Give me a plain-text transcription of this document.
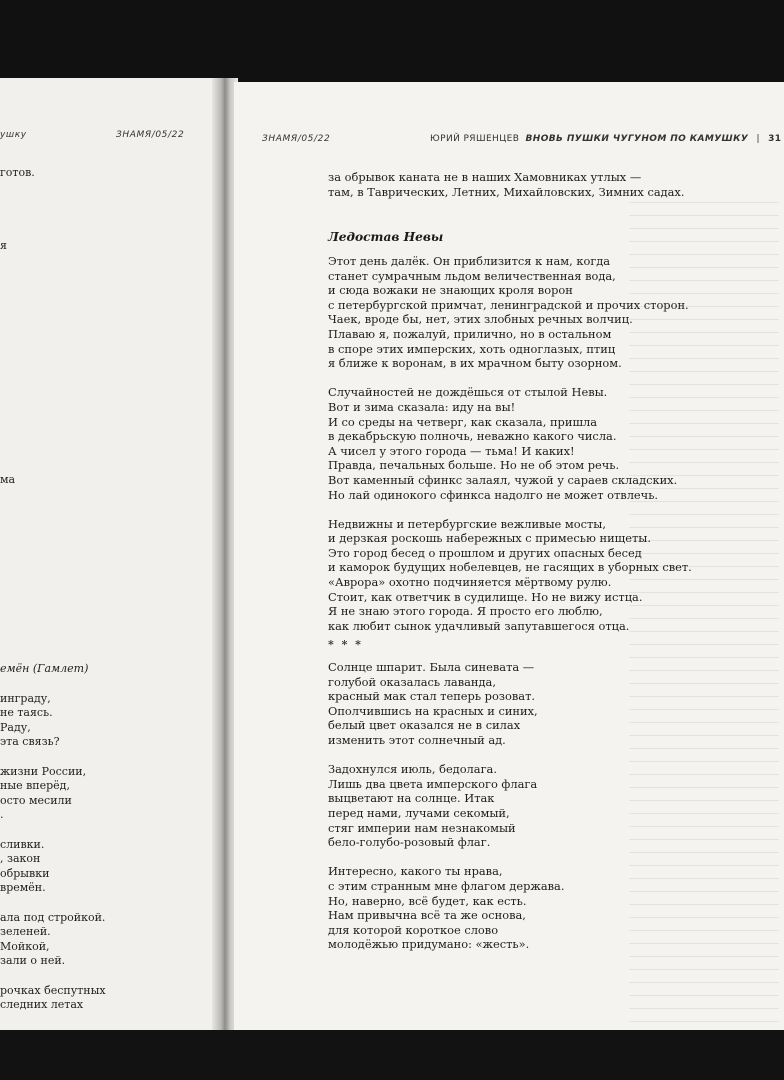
ушку	ЗНАМЯ/05/22
готов.
я
ма
емён (Гамлет)
инграду,
не таясь.
Раду,
эта связь?
жизни России,
ные вперёд,
осто месили
.
сливки.
, закон
обрывки
времён.
ала под стройкой.
зеленей.
Мойкой,
зали о ней.
рочках беспутных
следних летах
ЗНАМЯ/05/22	ЮРИЙ РЯШЕНЦЕВ ВНОВЬ ПУШКИ ЧУГУНОМ ПО КАМУШКУ | 31
за обрывок каната не в наших Хамовниках утлых —
там, в Таврических, Летних, Михайловских, Зимних садах.
Ледостав Невы
Этот день далёк. Он приблизится к нам, когда
станет сумрачным льдом величественная вода,
и сюда вожаки не знающих кроля ворон
с петербургской примчат, ленинградской и прочих сторон.
Чаек, вроде бы, нет, этих злобных речных волчиц.
Плаваю я, пожалуй, прилично, но в остальном
в споре этих имперских, хоть одноглазых, птиц
я ближе к воронам, в их мрачном быту озорном.
Случайностей не дождёшься от стылой Невы.
Вот и зима сказала: иду на вы!
И со среды на четверг, как сказала, пришла
в декабрьскую полночь, неважно какого числа.
А чисел у этого города — тьма! И каких!
Правда, печальных больше. Но не об этом речь.
Вот каменный сфинкс залаял, чужой у сараев складских.
Но лай одинокого сфинкса надолго не может отвлечь.
Недвижны и петербургские вежливые мосты,
и дерзкая роскошь набережных с примесью нищеты.
Это город бесед о прошлом и других опасных бесед
и каморок будущих нобелевцев, не гасящих в уборных свет.
«Аврора» охотно подчиняется мёртвому рулю.
Стоит, как ответчик в судилище. Но не вижу истца.
Я не знаю этого города. Я просто его люблю,
как любит сынок удачливый запутавшегося отца.
* * *
Солнце шпарит. Была синевата —
голубой оказалась лаванда,
красный мак стал теперь розоват.
Ополчившись на красных и синих,
белый цвет оказался не в силах
изменить этот солнечный ад.
Задохнулся июль, бедолага.
Лишь два цвета имперского флага
выцветают на солнце. Итак
перед нами, лучами секомый,
стяг империи нам незнакомый
бело-голубо-розовый флаг.
Интересно, какого ты нрава,
с этим странным мне флагом держава.
Но, наверно, всё будет, как есть.
Нам привычна всё та же основа,
для которой короткое слово
молодёжью придумано: «жесть».
